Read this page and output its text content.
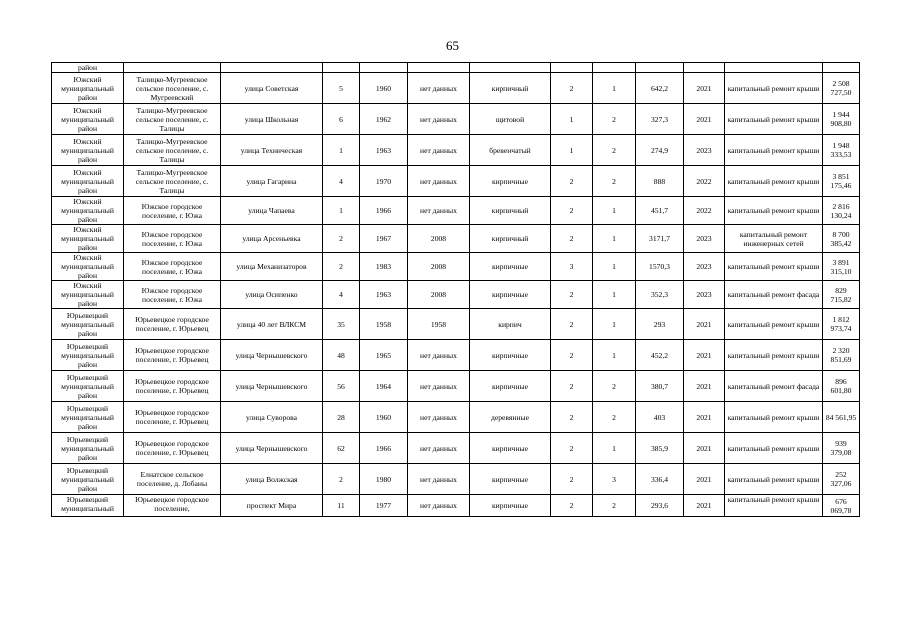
65
район												
Южский муниципальный район	Талицко-Мугреевское сельское поселение, с. Мугреевский	улица Советская	5	1960	нет данных	кирпичный	2	1	642,2	2021	капитальный ремонт крыши	2 508 727,50
Южский муниципальный район	Талицко-Мугреевское сельское поселение, с. Талицы	улица Школьная	6	1962	нет данных	щитовой	1	2	327,3	2021	капитальный ремонт крыши	1 944 908,80
Южский муниципальный район	Талицко-Мугреевское сельское поселение, с. Талицы	улица Техническая	1	1963	нет данных	бревенчатый	1	2	274,9	2023	капитальный ремонт крыши	1 948 333,53
Южский муниципальный район	Талицко-Мугреевское сельское поселение, с. Талицы	улица Гагарина	4	1970	нет данных	кирпичные	2	2	888	2022	капитальный ремонт крыши	3 851 175,46
Южский муниципальный район	Южское городское поселение, г. Южа	улица Чапаева	1	1966	нет данных	кирпичный	2	1	451,7	2022	капитальный ремонт крыши	2 816 130,24
Южский муниципальный район	Южское городское поселение, г. Южа	улица Арсеньевка	2	1967	2008	кирпичный	2	1	3171,7	2023	капитальный ремонт инженерных сетей	8 700 385,42
Южский муниципальный район	Южское городское поселение, г. Южа	улица Механизаторов	2	1983	2008	кирпичные	3	1	1570,3	2023	капитальный ремонт крыши	3 891 315,10
Южский муниципальный район	Южское городское поселение, г. Южа	улица Осипенко	4	1963	2008	кирпичные	2	1	352,3	2023	капитальный ремонт фасада	829 715,82
Юрьевецкий муниципальный район	Юрьевецкое городское поселение, г. Юрьевец	улица 40 лет ВЛКСМ	35	1958	1958	кирпич	2	1	293	2021	капитальный ремонт крыши	1 812 973,74
Юрьевецкий муниципальный район	Юрьевецкое городское поселение, г. Юрьевец	улица Чернышевского	48	1965	нет данных	кирпичные	2	1	452,2	2021	капитальный ремонт крыши	2 320 851,69
Юрьевецкий муниципальный район	Юрьевецкое городское поселение, г. Юрьевец	улица Чернышевского	56	1964	нет данных	кирпичные	2	2	380,7	2021	капитальный ремонт фасада	896 601,80
Юрьевецкий муниципальный район	Юрьевецкое городское поселение, г. Юрьевец	улица Суворова	28	1960	нет данных	деревянные	2	2	403	2021	капитальный ремонт крыши	84 561,95
Юрьевецкий муниципальный район	Юрьевецкое городское поселение, г. Юрьевец	улица Чернышевского	62	1966	нет данных	кирпичные	2	1	385,9	2021	капитальный ремонт крыши	939 379,08
Юрьевецкий муниципальный район	Елнатское сельское поселение, д. Лобаны	улица Волжская	2	1980	нет данных	кирпичные	2	3	336,4	2021	капитальный ремонт крыши	252 327,06
Юрьевецкий муниципальный	Юрьевецкое городское поселение,	проспект Мира	11	1977	нет данных	кирпичные	2	2	293,6	2021	капитальный ремонт крыши	676 069,78
